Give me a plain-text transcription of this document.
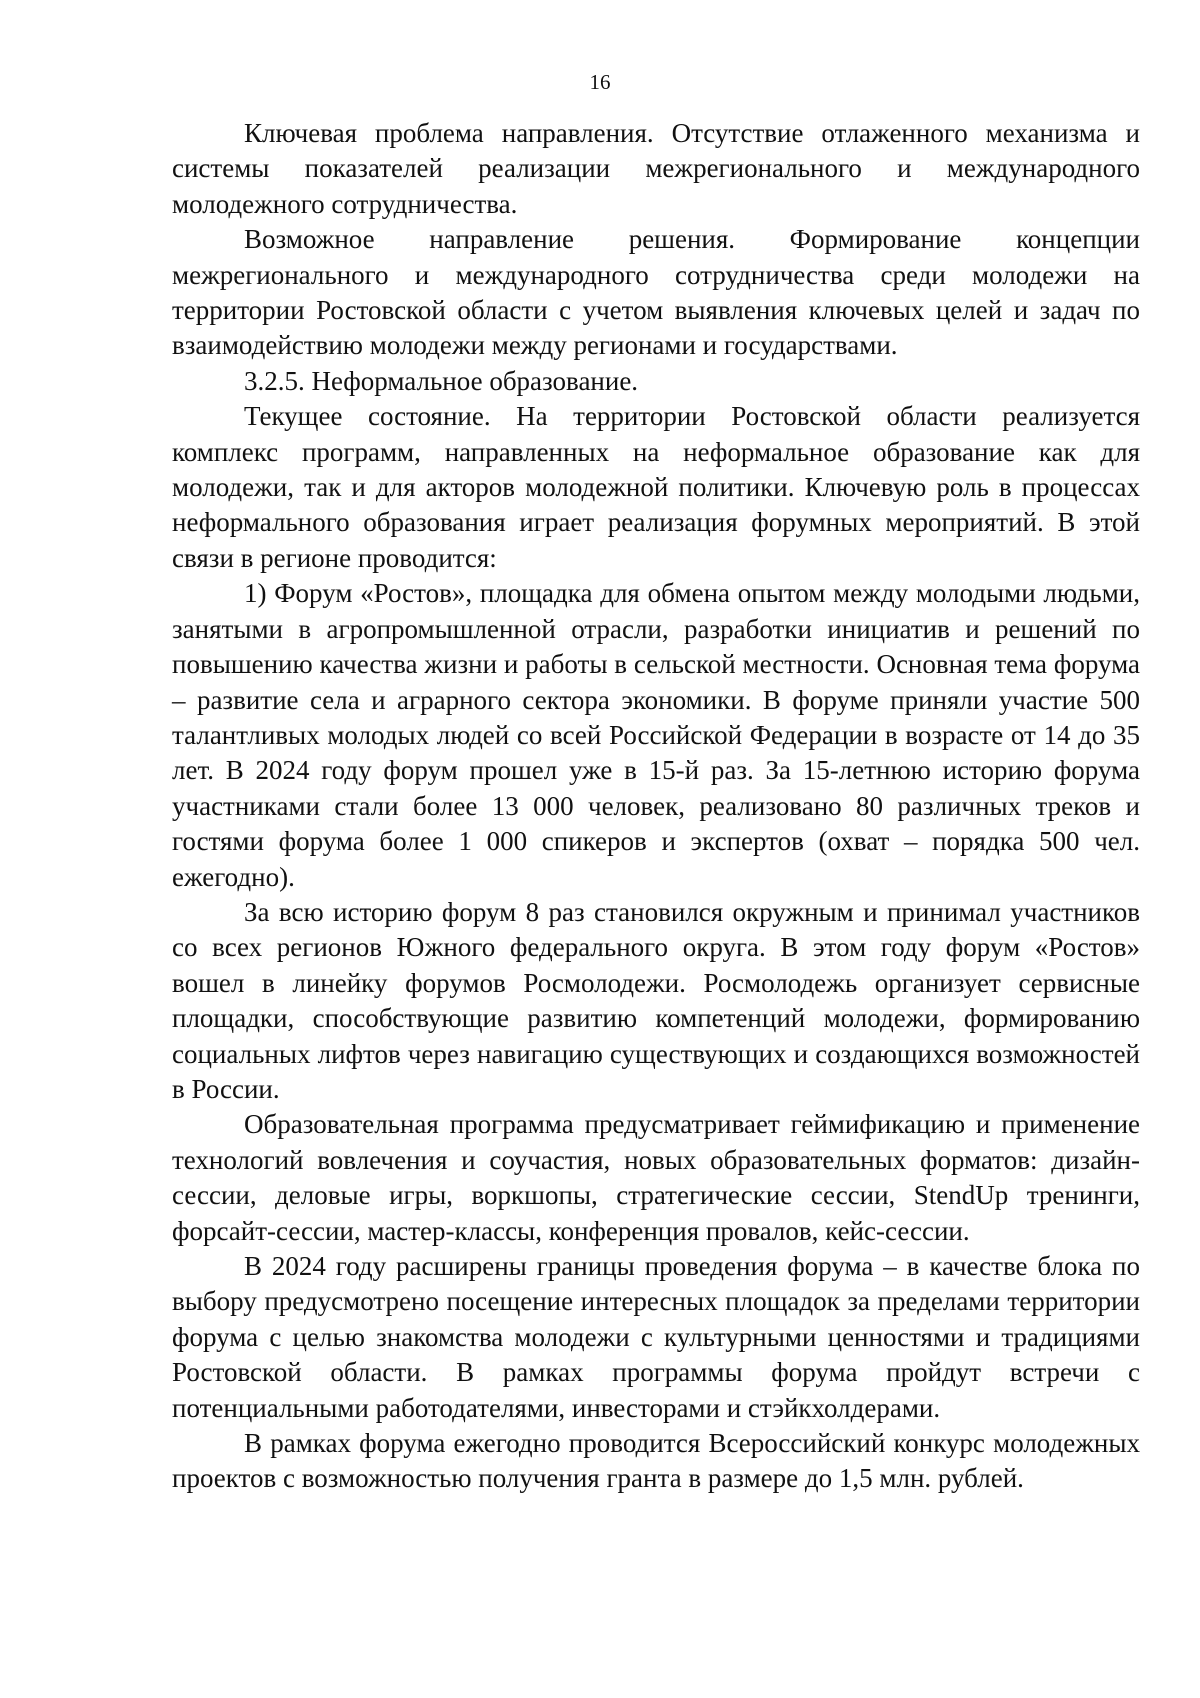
16

Ключевая проблема направления. Отсутствие отлаженного механизма и системы показателей реализации межрегионального и международного молодежного сотрудничества.

Возможное направление решения. Формирование концепции межрегионального и международного сотрудничества среди молодежи на территории Ростовской области с учетом выявления ключевых целей и задач по взаимодействию молодежи между регионами и государствами.

3.2.5. Неформальное образование.

Текущее состояние. На территории Ростовской области реализуется комплекс программ, направленных на неформальное образование как для молодежи, так и для акторов молодежной политики. Ключевую роль в процессах неформального образования играет реализация форумных мероприятий. В этой связи в регионе проводится:

1) Форум «Ростов», площадка для обмена опытом между молодыми людьми, занятыми в агропромышленной отрасли, разработки инициатив и решений по повышению качества жизни и работы в сельской местности. Основная тема форума – развитие села и аграрного сектора экономики. В форуме приняли участие 500 талантливых молодых людей со всей Российской Федерации в возрасте от 14 до 35 лет. В 2024 году форум прошел уже в 15-й раз. За 15-летнюю историю форума участниками стали более 13 000 человек, реализовано 80 различных треков и гостями форума более 1 000 спикеров и экспертов (охват – порядка 500 чел. ежегодно).

За всю историю форум 8 раз становился окружным и принимал участников со всех регионов Южного федерального округа. В этом году форум «Ростов» вошел в линейку форумов Росмолодежи. Росмолодежь организует сервисные площадки, способствующие развитию компетенций молодежи, формированию социальных лифтов через навигацию существующих и создающихся возможностей в России.

Образовательная программа предусматривает геймификацию и применение технологий вовлечения и соучастия, новых образовательных форматов: дизайн-сессии, деловые игры, воркшопы, стратегические сессии, StendUp тренинги, форсайт-сессии, мастер-классы, конференция провалов, кейс-сессии.

В 2024 году расширены границы проведения форума – в качестве блока по выбору предусмотрено посещение интересных площадок за пределами территории форума с целью знакомства молодежи с культурными ценностями и традициями Ростовской области. В рамках программы форума пройдут встречи с потенциальными работодателями, инвесторами и стэйкхолдерами.

В рамках форума ежегодно проводится Всероссийский конкурс молодежных проектов с возможностью получения гранта в размере до 1,5 млн. рублей.
